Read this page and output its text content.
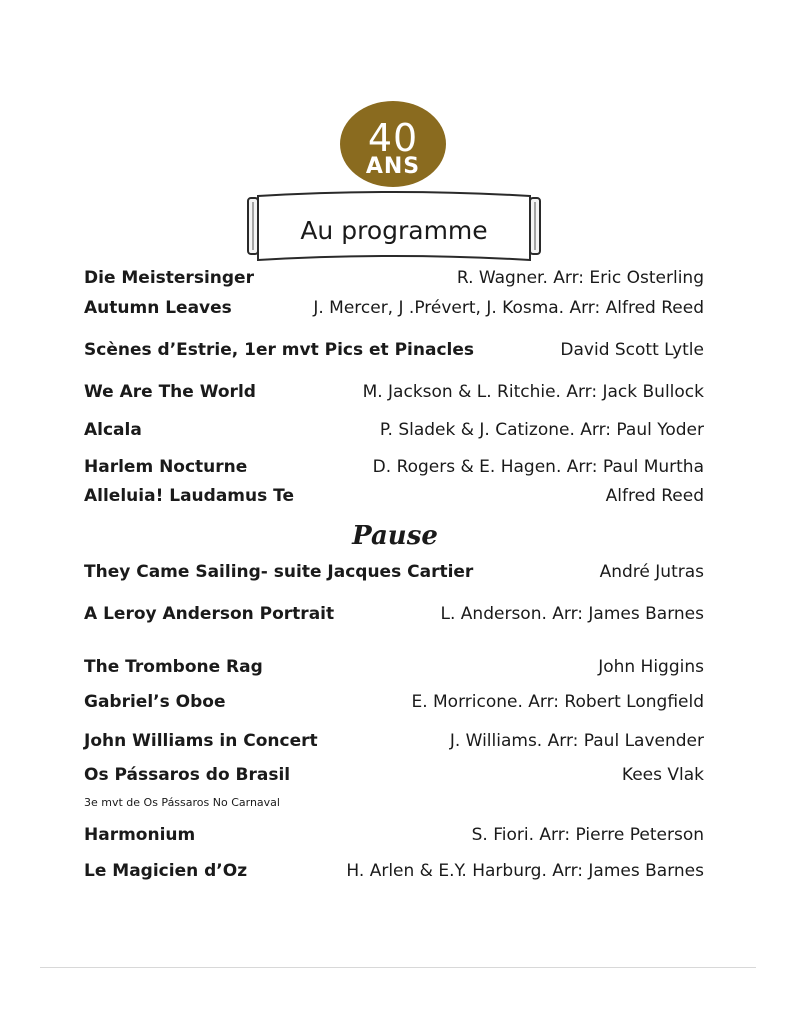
40
ANS
Au programme
Die Meistersinger	R. Wagner. Arr: Eric Osterling
Autumn Leaves	J. Mercer, J .Prévert, J. Kosma. Arr: Alfred Reed
Scènes d’Estrie, 1er mvt Pics et Pinacles	David Scott Lytle
We Are The World	M. Jackson & L. Ritchie. Arr: Jack Bullock
Alcala	P. Sladek & J. Catizone. Arr: Paul Yoder
Harlem Nocturne	D. Rogers & E. Hagen. Arr: Paul Murtha
Alleluia! Laudamus Te	Alfred Reed
Pause
They Came Sailing- suite Jacques Cartier	André Jutras
A Leroy Anderson Portrait	L. Anderson. Arr: James Barnes
The Trombone Rag	John Higgins
Gabriel’s Oboe	E. Morricone. Arr: Robert Longfield
John Williams in Concert	J. Williams. Arr: Paul Lavender
Os Pássaros do Brasil	Kees Vlak
3e mvt de Os Pássaros No Carnaval
Harmonium	S. Fiori. Arr: Pierre Peterson
Le Magicien d’Oz	H. Arlen & E.Y. Harburg. Arr: James Barnes
